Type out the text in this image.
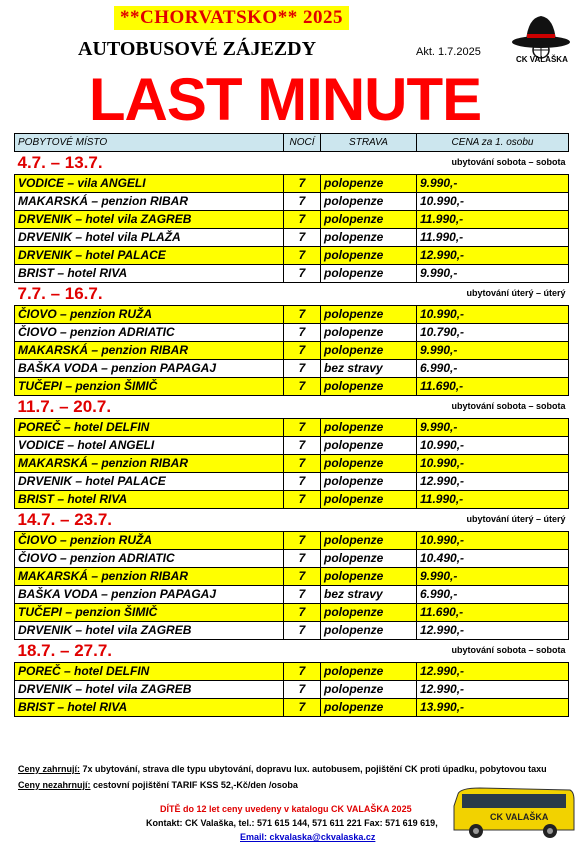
**CHORVATSKO** 2025
AUTOBUSOVÉ ZÁJEZDY	Akt. 1.7.2025
CK VALAŠKA
LAST MINUTE
POBYTOVÉ MÍSTO	NOCÍ	STRAVA	CENA za 1. osobu
4.7. – 13.7. ubytování sobota – sobota			

VODICE – vila ANGELI	7	polopenze	9.990,-
MAKARSKÁ – penzion RIBAR	7	polopenze	10.990,-
DRVENIK – hotel vila ZAGREB	7	polopenze	11.990,-
DRVENIK – hotel vila PLAŽA	7	polopenze	11.990,-
DRVENIK – hotel PALACE	7	polopenze	12.990,-
BRIST – hotel RIVA	7	polopenze	9.990,-
7.7. – 16.7. ubytování úterý – úterý			

ČIOVO – penzion RUŽA	7	polopenze	10.990,-
ČIOVO – penzion ADRIATIC	7	polopenze	10.790,-
MAKARSKÁ – penzion RIBAR	7	polopenze	9.990,-
BAŠKA VODA – penzion PAPAGAJ	7	bez stravy	6.990,-
TUČEPI – penzion ŠIMIČ	7	polopenze	11.690,-
11.7. – 20.7. ubytování sobota – sobota			

POREČ – hotel DELFIN	7	polopenze	9.990,-
VODICE – hotel ANGELI	7	polopenze	10.990,-
MAKARSKÁ – penzion RIBAR	7	polopenze	10.990,-
DRVENIK – hotel PALACE	7	polopenze	12.990,-
BRIST – hotel RIVA	7	polopenze	11.990,-
14.7. – 23.7. ubytování úterý – úterý			

ČIOVO – penzion RUŽA	7	polopenze	10.990,-
ČIOVO – penzion ADRIATIC	7	polopenze	10.490,-
MAKARSKÁ – penzion RIBAR	7	polopenze	9.990,-
BAŠKA VODA – penzion PAPAGAJ	7	bez stravy	6.990,-
TUČEPI – penzion ŠIMIČ	7	polopenze	11.690,-
DRVENIK – hotel vila ZAGREB	7	polopenze	12.990,-
18.7. – 27.7. ubytování sobota – sobota			

POREČ – hotel DELFIN	7	polopenze	12.990,-
DRVENIK – hotel vila ZAGREB	7	polopenze	12.990,-
BRIST – hotel RIVA	7	polopenze	13.990,-
Ceny zahrnují: 7x ubytování, strava dle typu ubytování, dopravu lux. autobusem, pojištění CK proti úpadku, pobytovou taxu
Ceny nezahrnují: cestovní pojištění TARIF KSS 52,-Kč/den /osoba
DÍTĚ do 12 let ceny uvedeny v katalogu CK VALAŠKA 2025
Kontakt: CK Valaška, tel.: 571 615 144, 571 611 221 Fax: 571 619 619,
Email: ckvalaska@ckvalaska.cz
CK VALAŠKA
